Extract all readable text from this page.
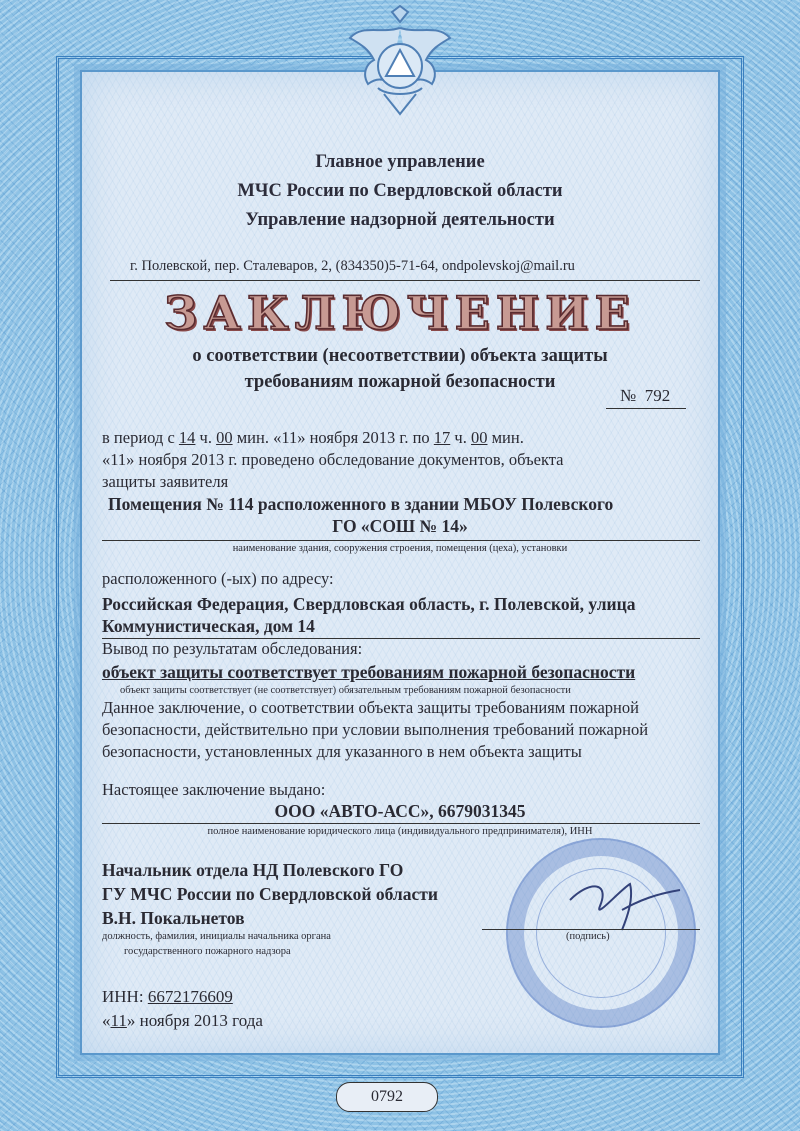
Главное управление
МЧС России по Свердловской области
Управление надзорной деятельности
г. Полевской, пер. Сталеваров, 2, (834350)5-71-64, ondpolevskoj@mail.ru
ЗАКЛЮЧЕНИЕ
о соответствии (несоответствии) объекта защиты
требованиям пожарной безопасности
№ 792
в период с 14 ч. 00 мин. «11» ноября 2013 г. по 17 ч. 00 мин.
«11» ноября 2013 г. проведено обследование документов, объекта
защиты заявителя
Помещения № 114 расположенного в здании МБОУ Полевского
ГО «СОШ № 14»
наименование здания, сооружения строения, помещения (цеха), установки
расположенного (-ых) по адресу:
Российская Федерация, Свердловская область, г. Полевской, улица
Коммунистическая, дом 14
Вывод по результатам обследования:
объект защиты соответствует требованиям пожарной безопасности
объект защиты соответствует (не соответствует) обязательным требованиям пожарной безопасности
Данное заключение, о соответствии объекта защиты требованиям пожарной
безопасности, действительно при условии выполнения требований пожарной
безопасности, установленных для указанного в нем объекта защиты
Настоящее заключение выдано:
ООО «АВТО-АСС», 6679031345
полное наименование юридического лица (индивидуального предпринимателя), ИНН
Начальник отдела НД Полевского ГО
ГУ МЧС России по Свердловской области
В.Н. Покальнетов
(подпись)
должность, фамилия, инициалы начальника органа
государственного пожарного надзора
ИНН: 6672176609
«11» ноября 2013 года
0792
